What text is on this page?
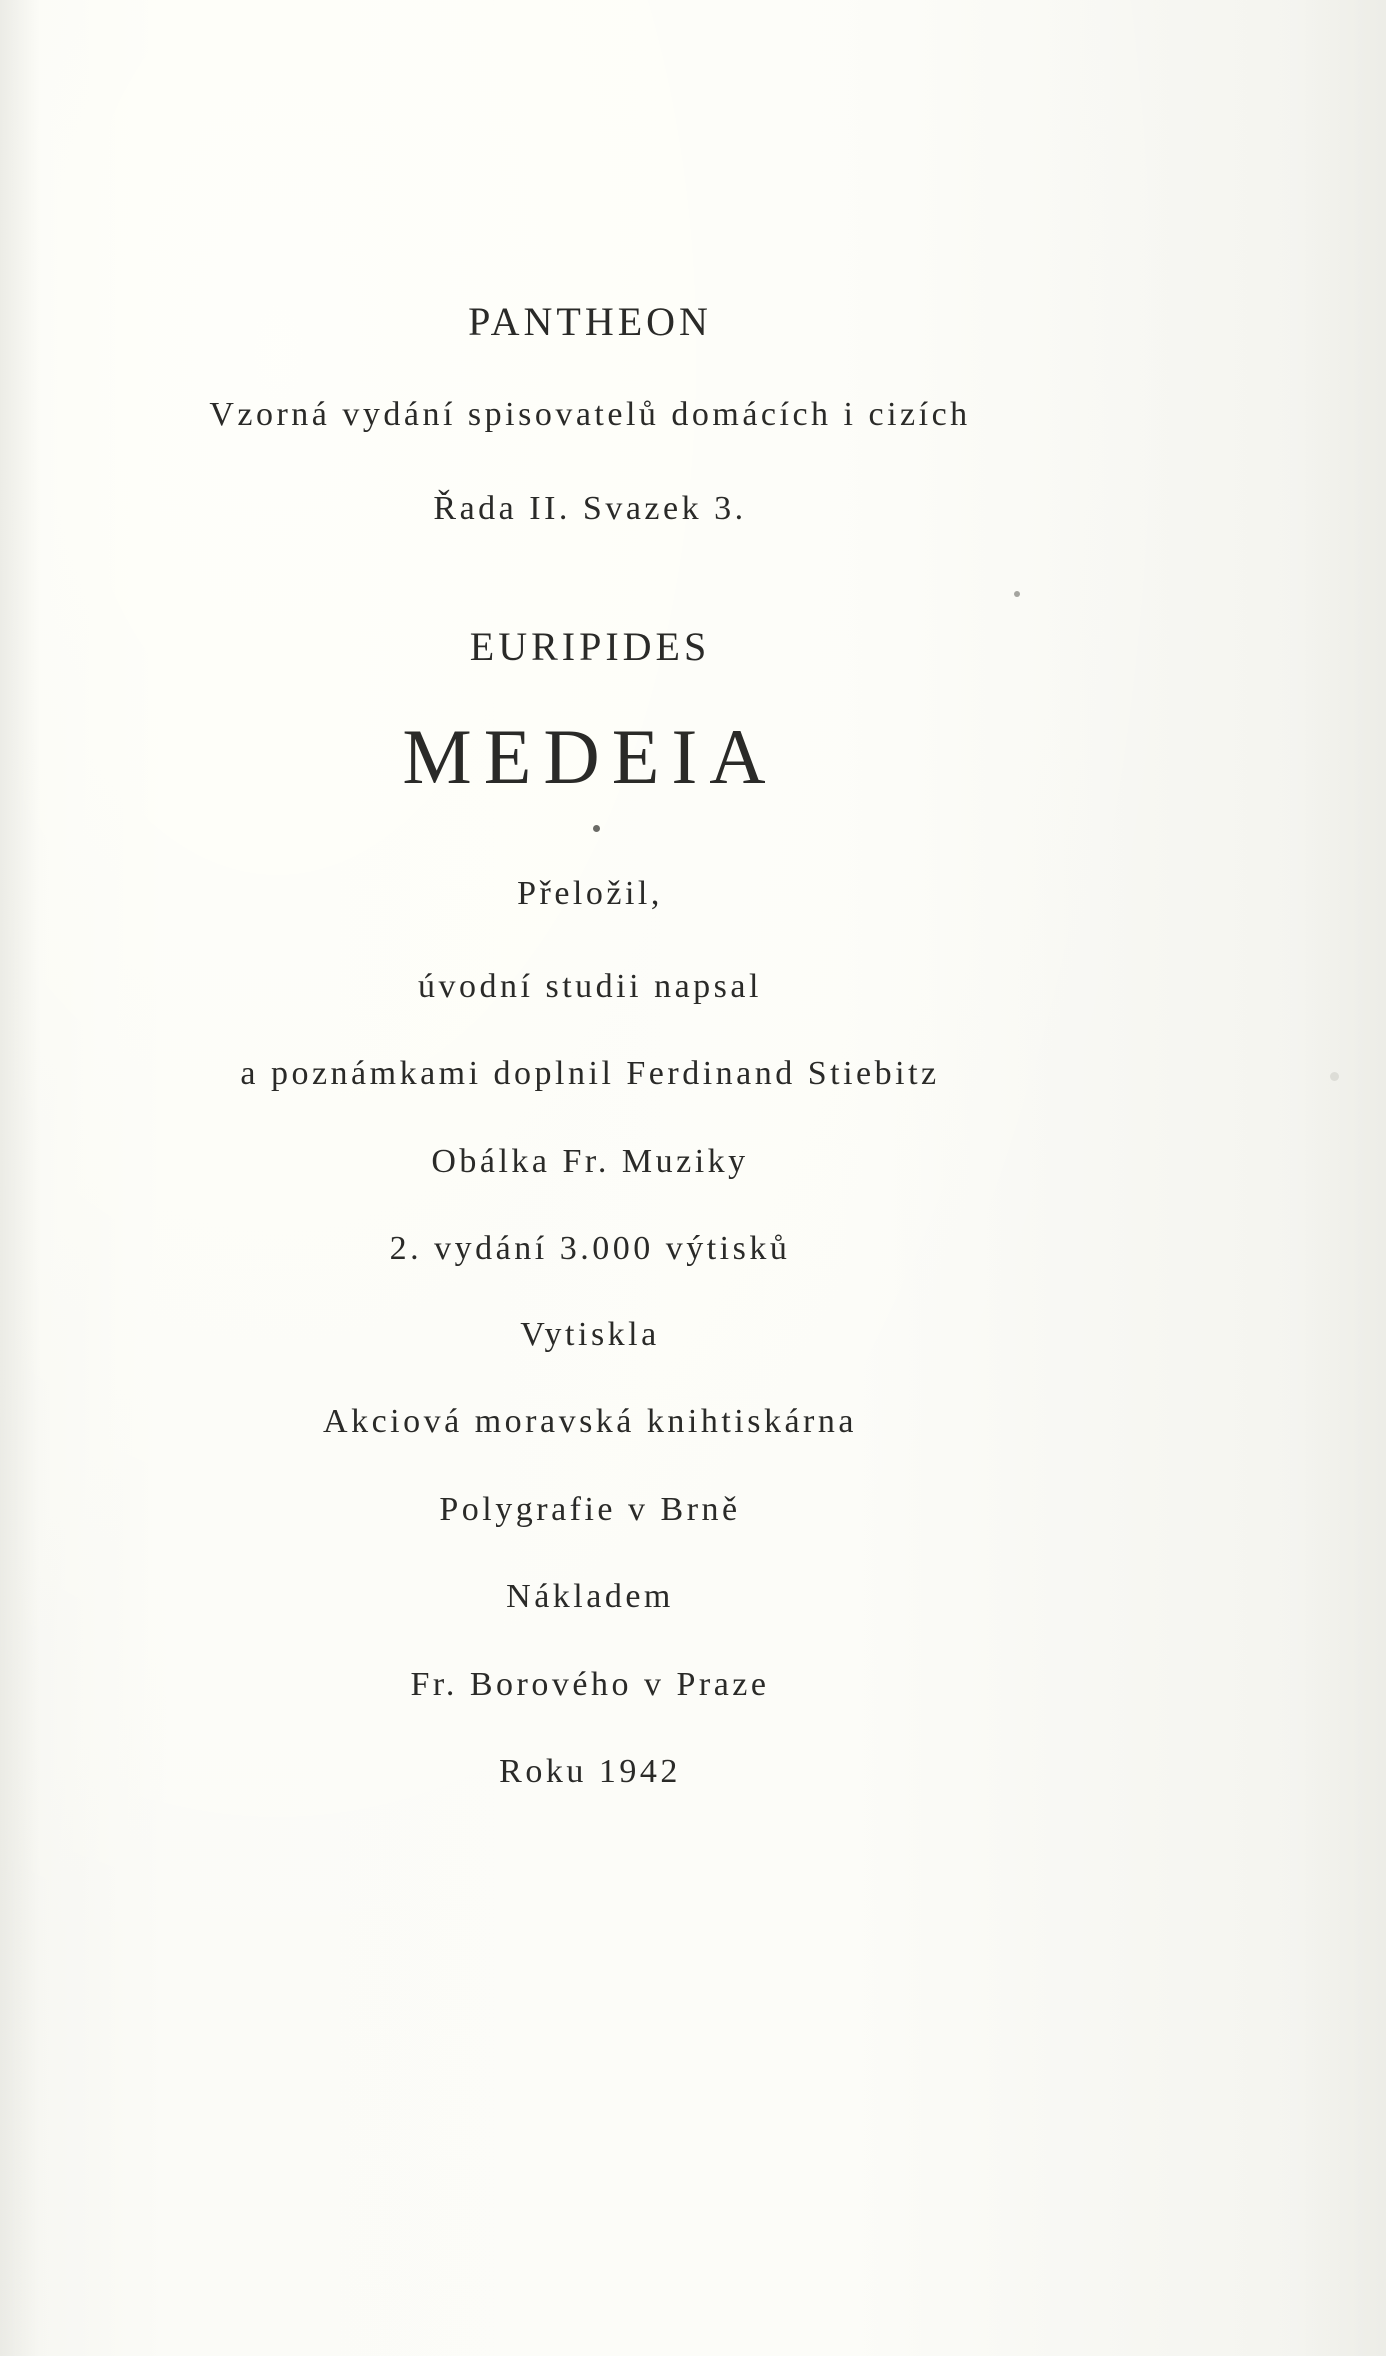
PANTHEON
Vzorná vydání spisovatelů domácích i cizích
Řada II. Svazek 3.
EURIPIDES
MEDEIA
Přeložil,
úvodní studii napsal
a poznámkami doplnil Ferdinand Stiebitz
Obálka Fr. Muziky
2. vydání 3.000 výtisků
Vytiskla
Akciová moravská knihtiskárna
Polygrafie v Brně
Nákladem
Fr. Borového v Praze
Roku 1942
